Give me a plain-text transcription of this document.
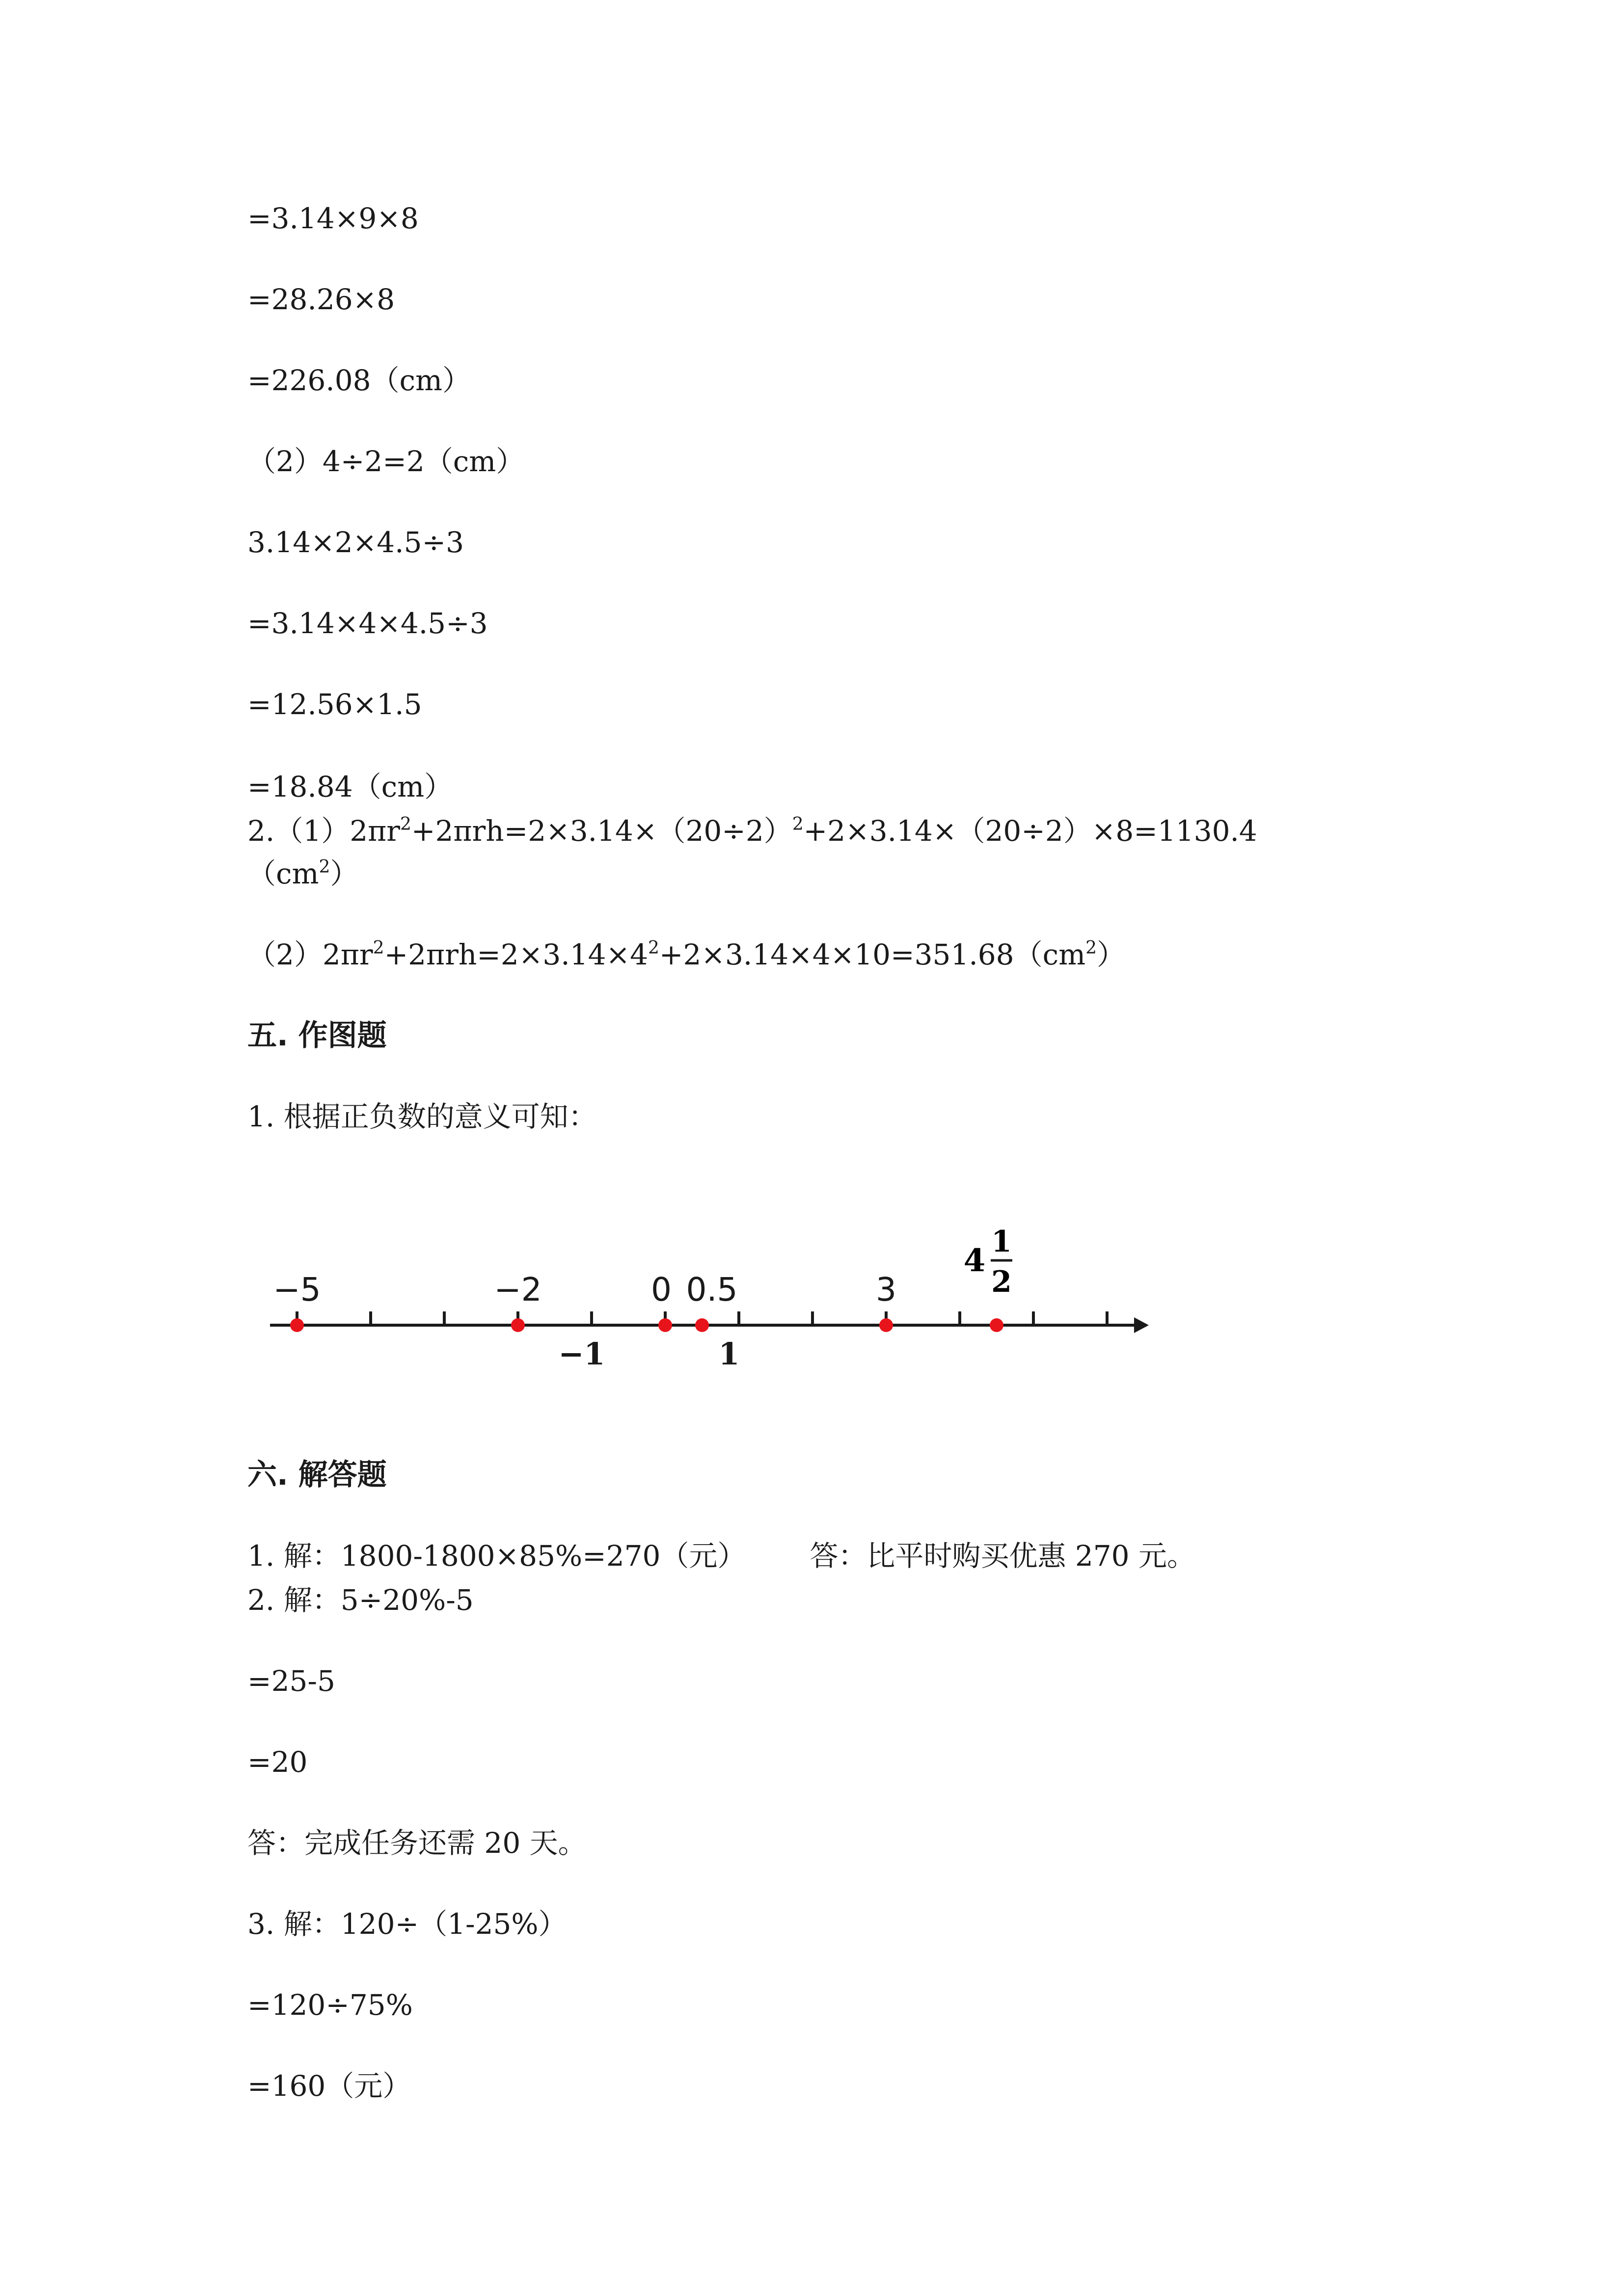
=3.14×9×8
=28.26×8
=226.08（cm）
（2）4÷2=2（cm）
3.14×2×4.5÷3
=3.14×4×4.5÷3
=12.56×1.5
=18.84（cm）
$2.(1)2\pi r^2+2\pi rh=2\times 3.14\times(20\div 2)^2+2\times 3.14\times(20\div 2)\times 8=1130.4$
$(cm^2)$
$(2)2\pi r^2+2\pi rh=2\times 3.14\times 4^2+2\times 3.14\times 4\times 10=351.68(cm^2)$
五. 作图题
1. 根据正负数的意义可知：
−5	−2	0 0.5	3
−1	1
4
1
2
六. 解答题
1. 解：1800-1800×85%=270（元） 答：比平时购买优惠 270 元。
2. 解：5÷20%-5
=25-5
=20
答：完成任务还需 20 天。
3. 解：120÷（1-25%）
=120÷75%
=160（元）
